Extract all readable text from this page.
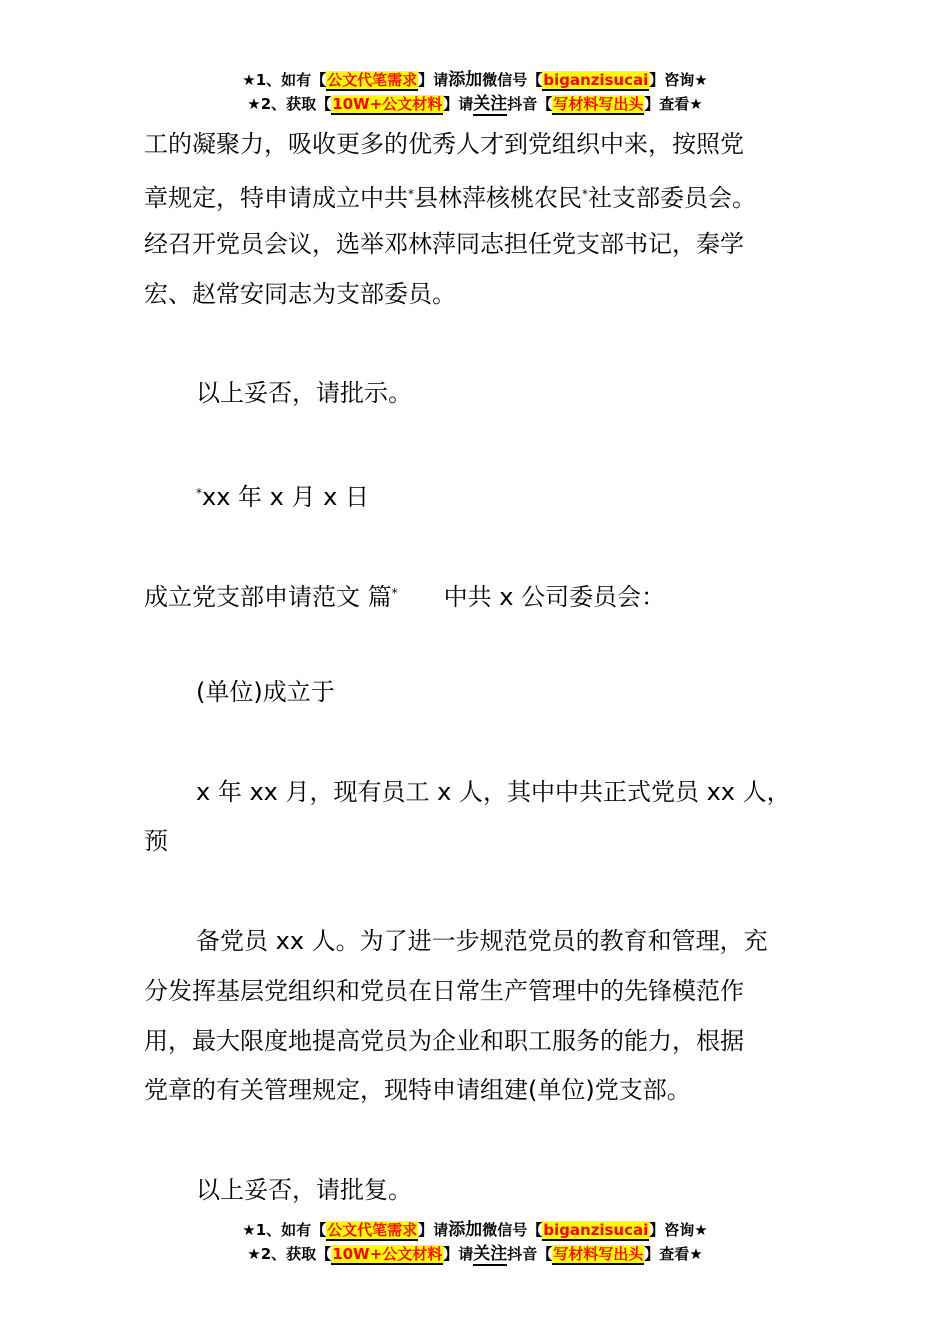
★1、如有【公文代笔需求】请添加微信号【biganzisucai】咨询★
★2、获取【10W+公文材料】请关注抖音【写材料写出头】查看★
工的凝聚力，吸收更多的优秀人才到党组织中来，按照党
章规定，特申请成立中共*县林萍核桃农民*社支部委员会。
经召开党员会议，选举邓林萍同志担任党支部书记，秦学
宏、赵常安同志为支部委员。
以上妥否，请批示。
*xx 年 x 月 x 日
成立党支部申请范文 篇* 中共 x 公司委员会：
(单位)成立于
x 年 xx 月，现有员工 x 人，其中中共正式党员 xx 人，
预
备党员 xx 人。为了进一步规范党员的教育和管理，充
分发挥基层党组织和党员在日常生产管理中的先锋模范作
用，最大限度地提高党员为企业和职工服务的能力，根据
党章的有关管理规定，现特申请组建(单位)党支部。
以上妥否，请批复。
★1、如有【公文代笔需求】请添加微信号【biganzisucai】咨询★
★2、获取【10W+公文材料】请关注抖音【写材料写出头】查看★
